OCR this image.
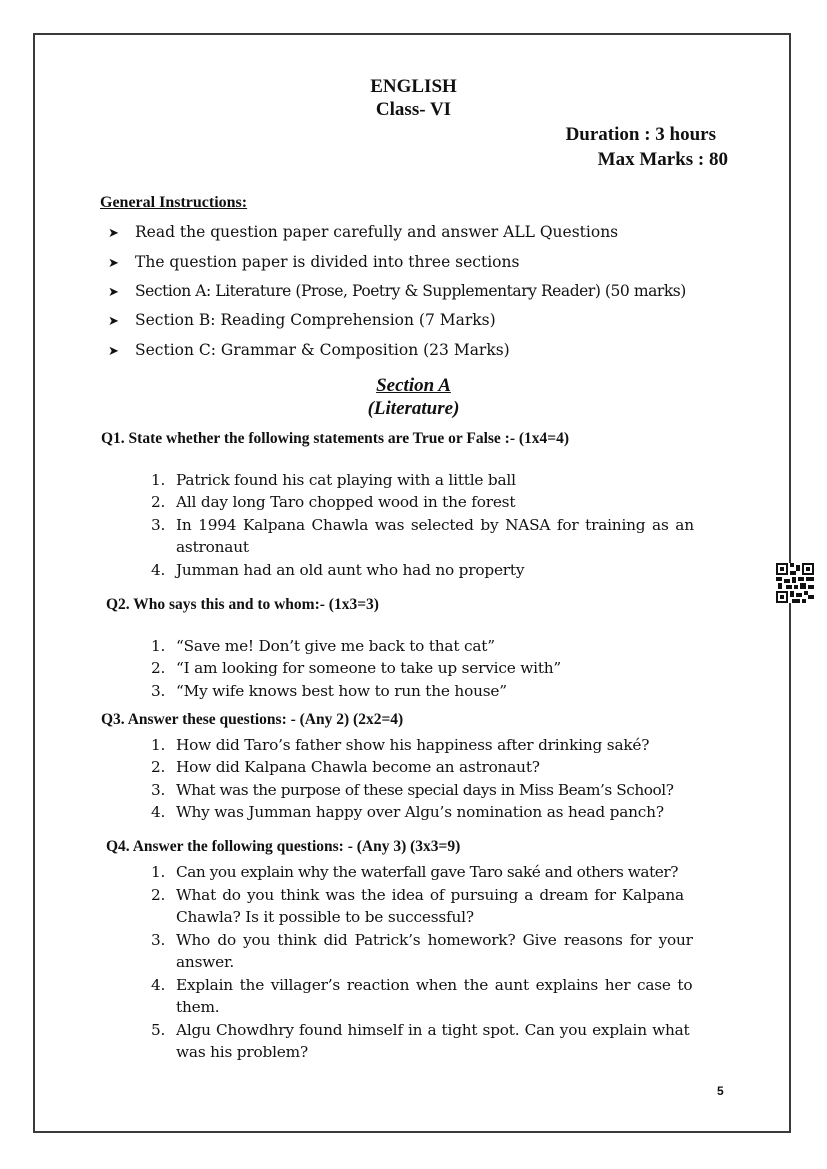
ENGLISH
Class- VI
Duration : 3 hours
Max Marks : 80
General Instructions:
➤ Read the question paper carefully and answer ALL Questions
➤ The question paper is divided into three sections
➤ Section A: Literature (Prose, Poetry & Supplementary Reader) (50 marks)
➤ Section B: Reading Comprehension (7 Marks)
➤ Section C: Grammar & Composition (23 Marks)
Section A
(Literature)
Q1. State whether the following statements are True or False :- (1x4=4)
1. Patrick found his cat playing with a little ball
2. All day long Taro chopped wood in the forest
3. In 1994 Kalpana Chawla was selected by NASA for training as an
astronaut
4. Jumman had an old aunt who had no property
Q2. Who says this and to whom:- (1x3=3)
1. “Save me! Don’t give me back to that cat”
2. “I am looking for someone to take up service with”
3. “My wife knows best how to run the house”
Q3. Answer these questions: - (Any 2) (2x2=4)
1. How did Taro’s father show his happiness after drinking saké?
2. How did Kalpana Chawla become an astronaut?
3. What was the purpose of these special days in Miss Beam’s School?
4. Why was Jumman happy over Algu’s nomination as head panch?
Q4. Answer the following questions: - (Any 3) (3x3=9)
1. Can you explain why the waterfall gave Taro saké and others water?
2. What do you think was the idea of pursuing a dream for Kalpana
Chawla? Is it possible to be successful?
3. Who do you think did Patrick’s homework? Give reasons for your
answer.
4. Explain the villager’s reaction when the aunt explains her case to
them.
5. Algu Chowdhry found himself in a tight spot. Can you explain what
was his problem?
5
